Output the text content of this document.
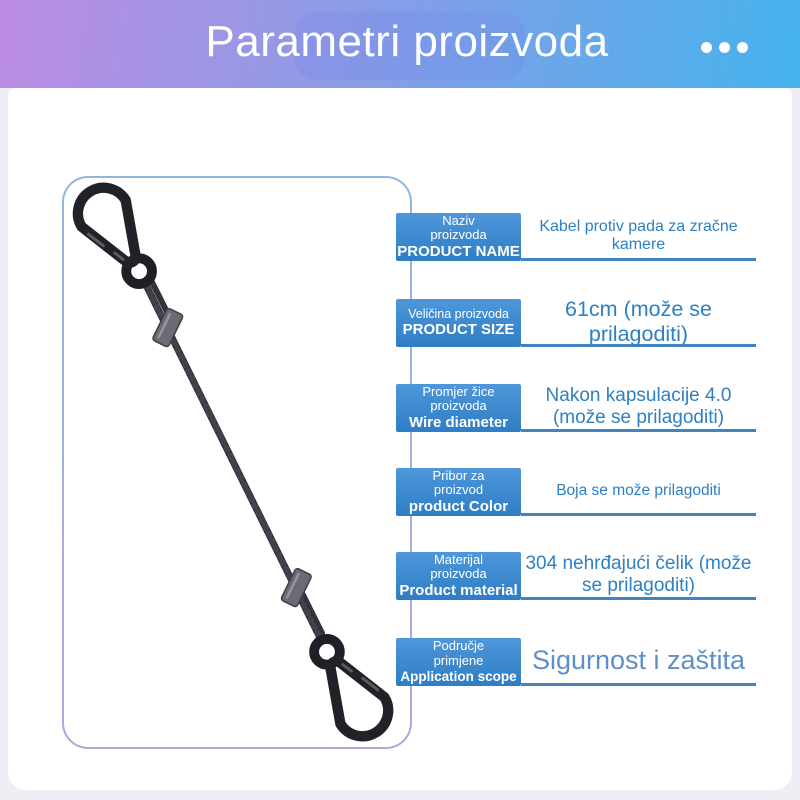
Parametri proizvoda
Naziv
proizvoda
PRODUCT NAME
Kabel protiv pada za zračne kamere
Veličina proizvoda
PRODUCT SIZE
61cm (može se prilagoditi)
Promjer žice
proizvoda
Wire diameter
Nakon kapsulacije 4.0 (može se prilagoditi)
Pribor za
proizvod
product Color
Boja se može prilagoditi
Materijal
proizvoda
Product material
304 nehrđajući čelik (može se prilagoditi)
Područje
primjene
Application scope
Sigurnost i zaštita
